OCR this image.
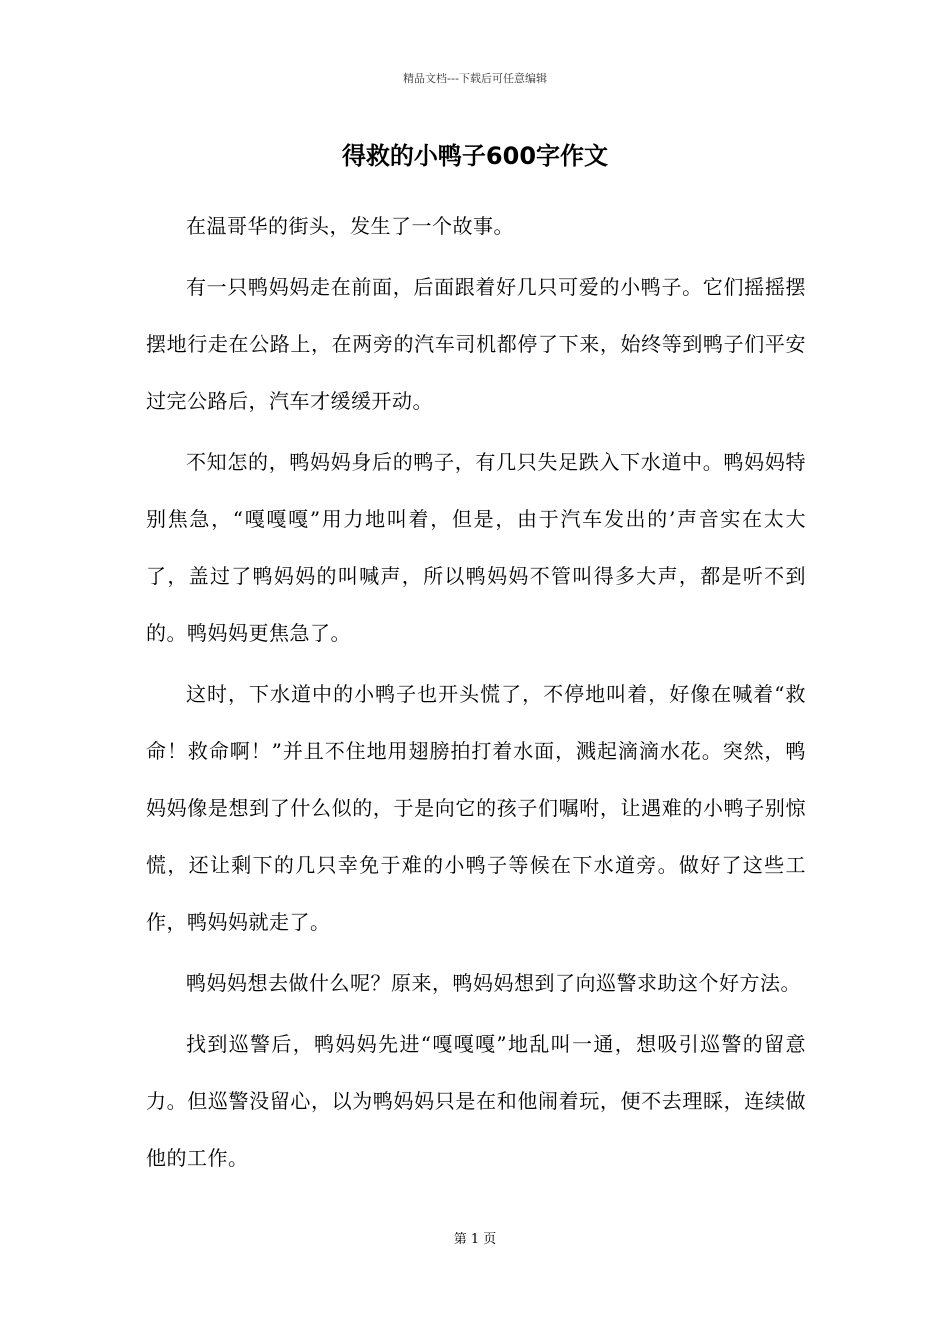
精品文档---下载后可任意编辑
得救的小鸭子600字作文

在温哥华的街头，发生了一个故事。

有一只鸭妈妈走在前面，后面跟着好几只可爱的小鸭子。它们摇摇摆摆地行走在公路上，在两旁的汽车司机都停了下来，始终等到鸭子们平安过完公路后，汽车才缓缓开动。

不知怎的，鸭妈妈身后的鸭子，有几只失足跌入下水道中。鸭妈妈特别焦急，“嘎嘎嘎”用力地叫着，但是，由于汽车发出的’声音实在太大了，盖过了鸭妈妈的叫喊声，所以鸭妈妈不管叫得多大声，都是听不到的。鸭妈妈更焦急了。

这时，下水道中的小鸭子也开头慌了，不停地叫着，好像在喊着“救命！救命啊！”并且不住地用翅膀拍打着水面，溅起滴滴水花。突然，鸭妈妈像是想到了什么似的，于是向它的孩子们嘱咐，让遇难的小鸭子别惊慌，还让剩下的几只幸免于难的小鸭子等候在下水道旁。做好了这些工作，鸭妈妈就走了。

鸭妈妈想去做什么呢？原来，鸭妈妈想到了向巡警求助这个好方法。

找到巡警后，鸭妈妈先进“嘎嘎嘎”地乱叫一通，想吸引巡警的留意力。但巡警没留心，以为鸭妈妈只是在和他闹着玩，便不去理睬，连续做他的工作。

第 1 页
